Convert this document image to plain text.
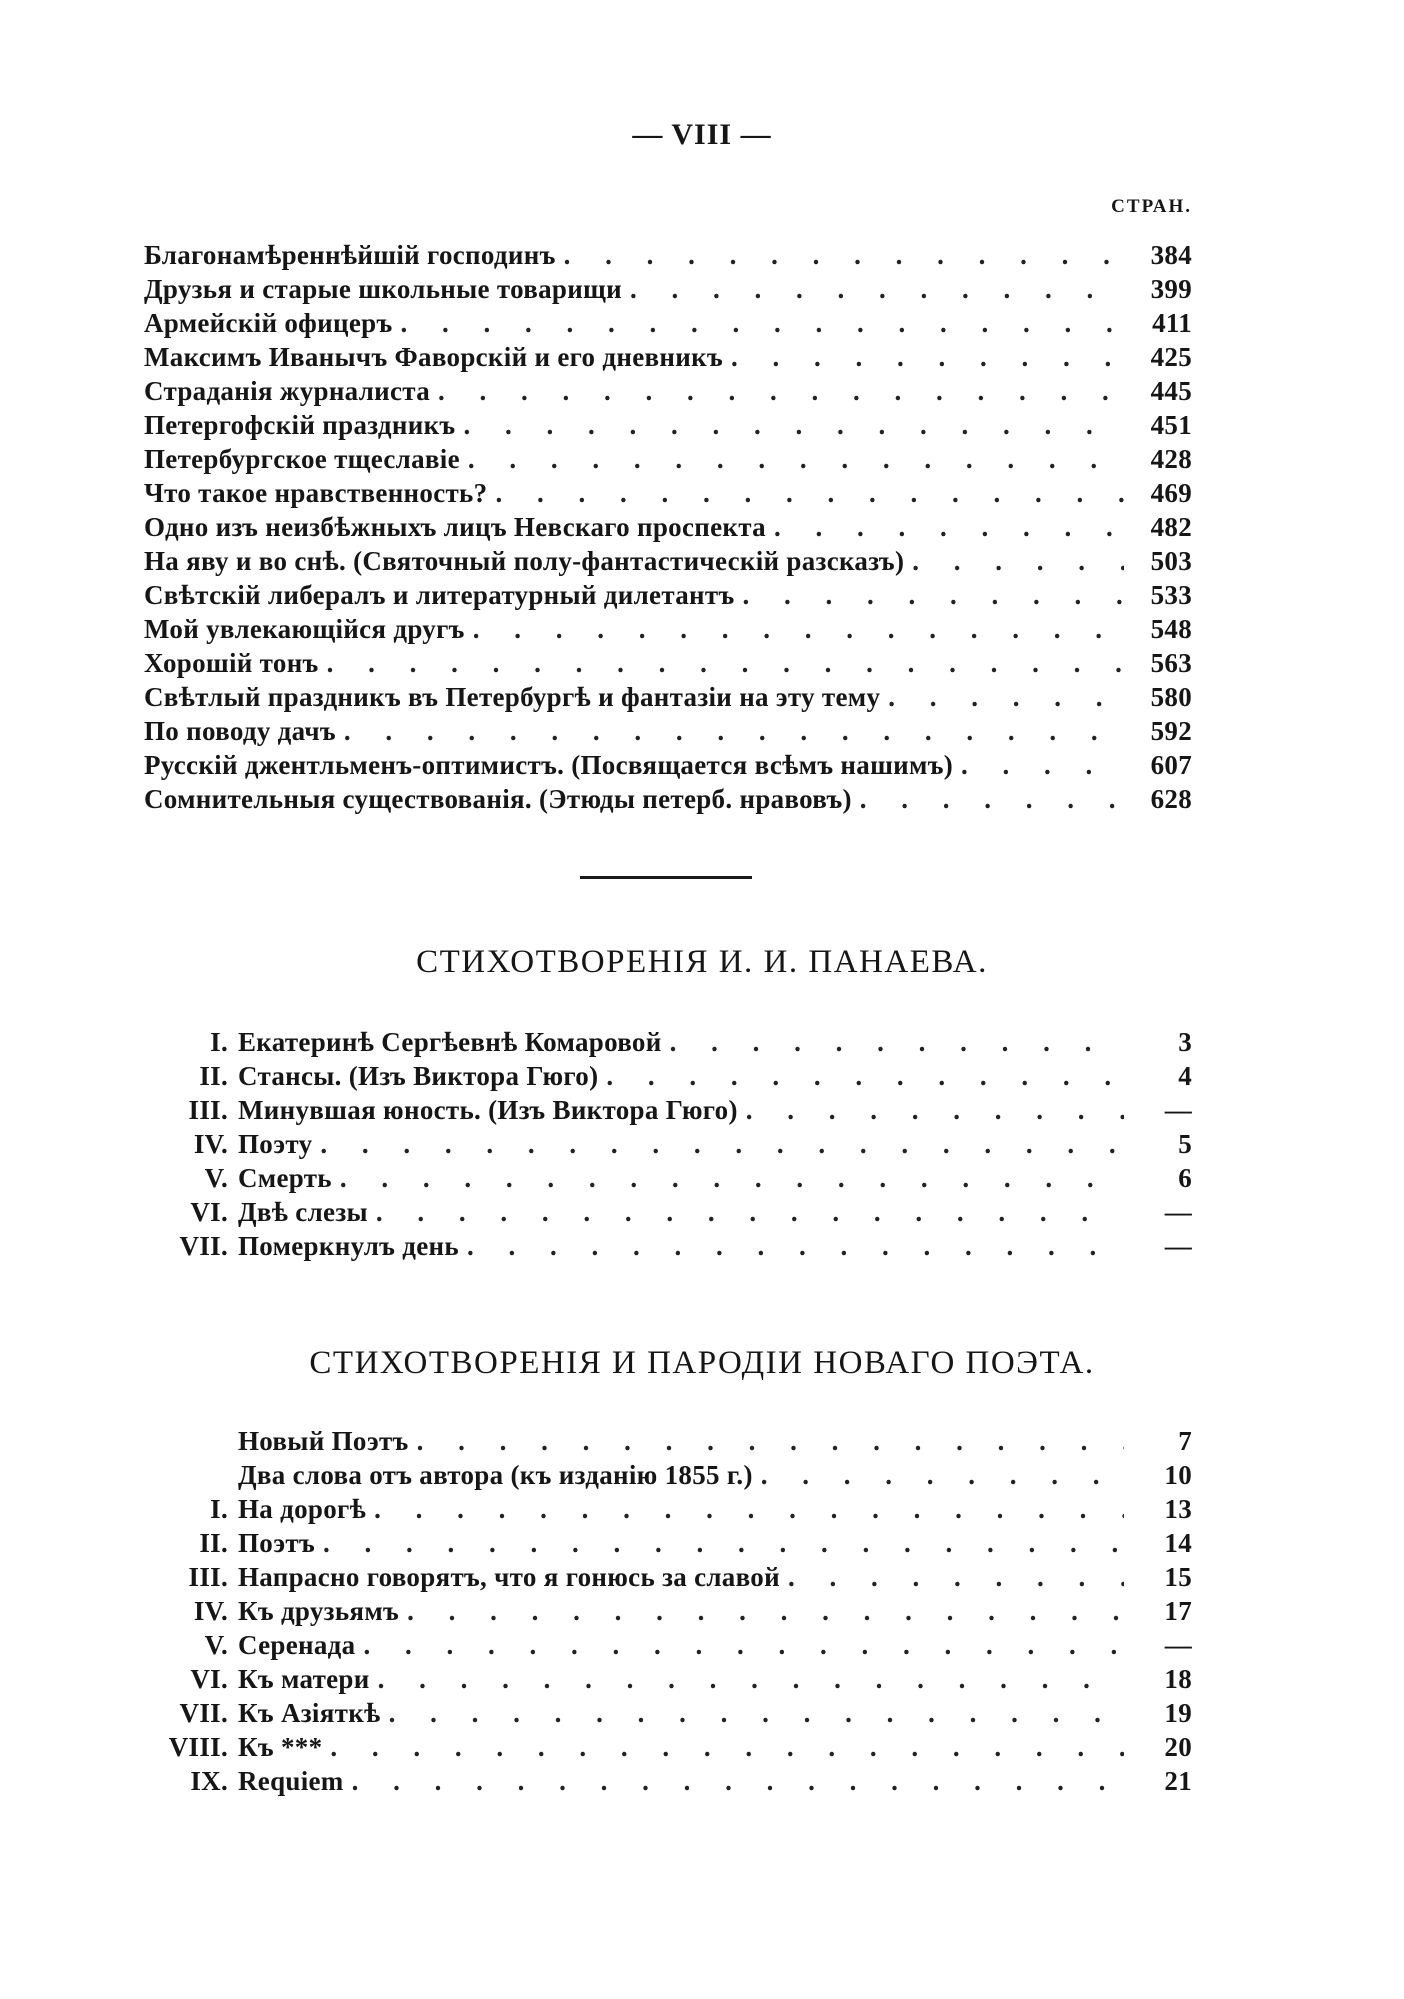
— VIII —
СТРАН.
Благонамѣреннѣйшій господинъ . . .	384
Друзья и старые школьные товарищи . . .	399
Армейскій офицеръ . . .	411
Максимъ Иванычъ Фаворскій и его дневникъ . . .	425
Страданія журналиста . . .	445
Петергофскій праздникъ . . .	451
Петербургское тщеславіе . . .	428
Что такое нравственность? . . .	469
Одно изъ неизбѣжныхъ лицъ Невскаго проспекта . . .	482
На яву и во снѣ. (Святочный полу-фантастическій разсказъ) . . .	503
Свѣтскій либералъ и литературный дилетантъ . . .	533
Мой увлекающійся другъ . . .	548
Хорошій тонъ . . .	563
Свѣтлый праздникъ въ Петербургѣ и фантазіи на эту тему . . .	580
По поводу дачъ . . .	592
Русскій джентльменъ-оптимистъ. (Посвящается всѣмъ нашимъ) . . .	607
Сомнительныя существованія. (Этюды петерб. нравовъ) . . .	628
СТИХОТВОРЕНІЯ И. И. ПАНАЕВА.
I. Екатеринѣ Сергѣевнѣ Комаровой . . .	3
II. Стансы. (Изъ Виктора Гюго) . . .	4
III. Минувшая юность. (Изъ Виктора Гюго) . . .	—
IV. Поэту . . .	5
V. Смерть . . .	6
VI. Двѣ слезы . . .	—
VII. Померкнулъ день . . .	—
СТИХОТВОРЕНІЯ И ПАРОДІИ НОВАГО ПОЭТА.
Новый Поэтъ . . .	7
Два слова отъ автора (къ изданію 1855 г.) . . .	10
I. На дорогѣ . . .	13
II. Поэтъ . . .	14
III. Напрасно говорятъ, что я гонюсь за славой . . .	15
IV. Къ друзьямъ . . .	17
V. Серенада . . .	—
VI. Къ матери . . .	18
VII. Къ Азіяткѣ . . .	19
VIII. Къ *** . . .	20
IX. Requiem . . .	21
